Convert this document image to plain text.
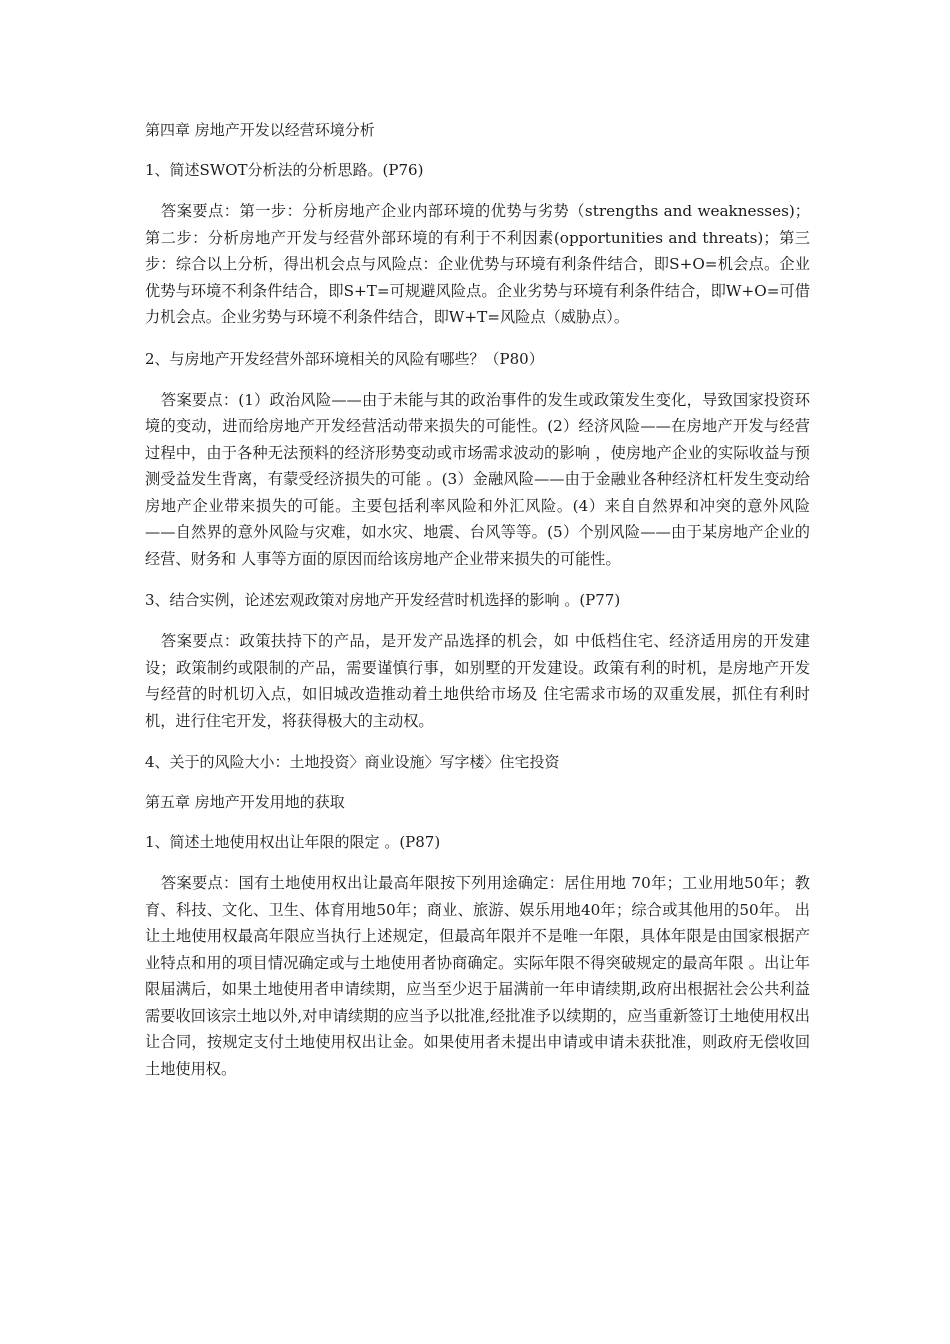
第四章 房地产开发以经营环境分析
1、简述SWOT分析法的分析思路。(P76)
答案要点：第一步：分析房地产企业内部环境的优势与劣势（strengths and weaknesses)；第二步：分析房地产开发与经营外部环境的有利于不利因素(opportunities and threats)；第三步：综合以上分析，得出机会点与风险点：企业优势与环境有利条件结合，即S+O=机会点。企业优势与环境不利条件结合，即S+T=可规避风险点。企业劣势与环境有利条件结合，即W+O=可借力机会点。企业劣势与环境不利条件结合，即W+T=风险点（威胁点）。
2、与房地产开发经营外部环境相关的风险有哪些？（P80）
答案要点：(1）政治风险——由于未能与其的政治事件的发生或政策发生变化，导致国家投资环境的变动，进而给房地产开发经营活动带来损失的可能性。(2）经济风险——在房地产开发与经营过程中，由于各种无法预料的经济形势变动或市场需求波动的影响 ，使房地产企业的实际收益与预测受益发生背离，有蒙受经济损失的可能 。(3）金融风险——由于金融业各种经济杠杆发生变动给房地产企业带来损失的可能。主要包括利率风险和外汇风险。(4）来自自然界和冲突的意外风险 ——自然界的意外风险与灾难，如水灾、地震、台风等等。(5）个别风险——由于某房地产企业的经营、财务和 人事等方面的原因而给该房地产企业带来损失的可能性。
3、结合实例，论述宏观政策对房地产开发经营时机选择的影响 。(P77)
答案要点：政策扶持下的产品，是开发产品选择的机会，如 中低档住宅、经济适用房的开发建设；政策制约或限制的产品，需要谨慎行事，如别墅的开发建设。政策有利的时机，是房地产开发与经营的时机切入点，如旧城改造推动着土地供给市场及 住宅需求市场的双重发展，抓住有利时机，进行住宅开发，将获得极大的主动权。
4、关于的风险大小：土地投资〉商业设施〉写字楼〉住宅投资
第五章 房地产开发用地的获取
1、简述土地使用权出让年限的限定 。(P87)
答案要点：国有土地使用权出让最高年限按下列用途确定：居住用地 70年；工业用地50年；教育、科技、文化、卫生、体育用地50年；商业、旅游、娱乐用地40年；综合或其他用的50年。 出让土地使用权最高年限应当执行上述规定，但最高年限并不是唯一年限，具体年限是由国家根据产业特点和用的项目情况确定或与土地使用者协商确定。实际年限不得突破规定的最高年限 。出让年限届满后，如果土地使用者申请续期，应当至少迟于届满前一年申请续期,政府出根据社会公共利益需要收回该宗土地以外,对申请续期的应当予以批准,经批准予以续期的，应当重新签订土地使用权出让合同，按规定支付土地使用权出让金。如果使用者未提出申请或申请未获批准，则政府无偿收回土地使用权。
